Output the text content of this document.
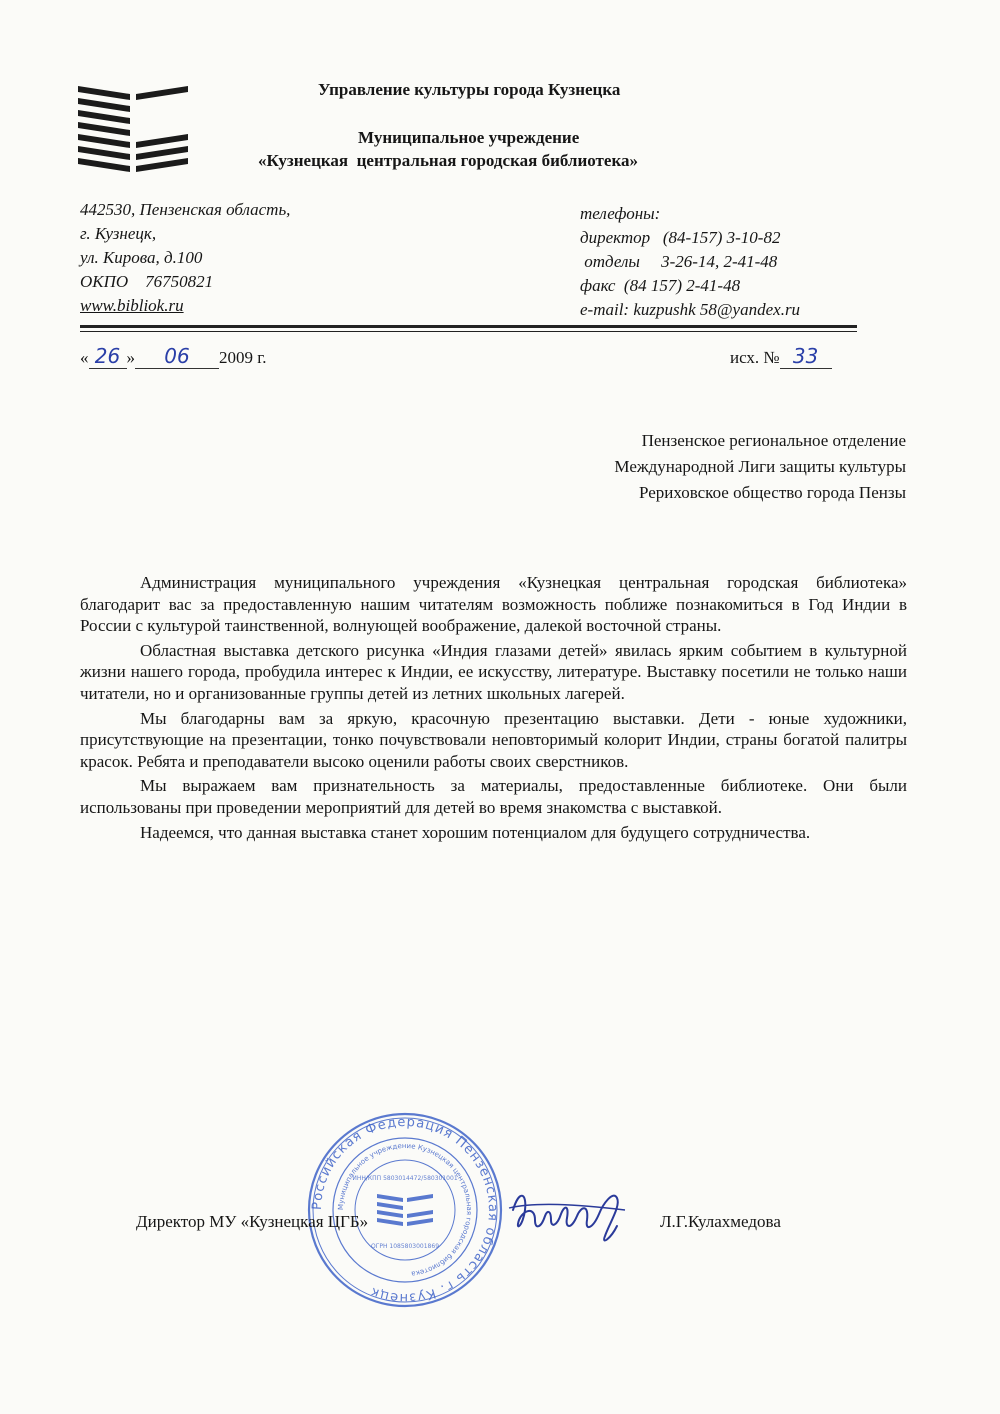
Управление культуры города Кузнецка
Муниципальное учреждение
«Кузнецкая  центральная городская библиотека»
442530, Пензенская область,
г. Кузнецк,
ул. Кирова, д.100
ОКПО    76750821
www.bibliok.ru
телефоны:
директор   (84-157) 3-10-82
отделы     3-26-14, 2-41-48
факс  (84 157) 2-41-48
e-mail: kuzpushk 58@yandex.ru
« 26 » 06 2009 г.	исх. № 33
Пензенское региональное отделение
Международной Лиги защиты культуры
Рериховское общество города Пензы

Администрация муниципального учреждения «Кузнецкая центральная городская библиотека» благодарит вас за предоставленную нашим читателям возможность поближе познакомиться в Год Индии в России с культурой таинственной, волнующей воображение, далекой восточной страны.

Областная выставка детского рисунка «Индия глазами детей» явилась ярким событием в культурной жизни нашего города, пробудила интерес к Индии, ее искусству, литературе. Выставку посетили не только наши читатели, но и организованные группы детей из летних школьных лагерей.

Мы благодарны вам за яркую, красочную презентацию выставки. Дети - юные художники, присутствующие на презентации, тонко почувствовали неповторимый колорит Индии, страны богатой палитры красок. Ребята и преподаватели высоко оценили работы своих сверстников.

Мы выражаем вам признательность за материалы, предоставленные библиотеке. Они были использованы при проведении мероприятий для детей во время знакомства с выставкой.

Надеемся, что данная выставка станет хорошим потенциалом для будущего сотрудничества.

Российская Федерация Пензенская область г. Кузнецк
Муниципальное учреждение Кузнецкая центральная городская библиотека
ИНН/КПП 5803014472/580301001
ОГРН 1085803001869
Директор МУ «Кузнецкая ЦГБ»	Л.Г.Кулахмедова
